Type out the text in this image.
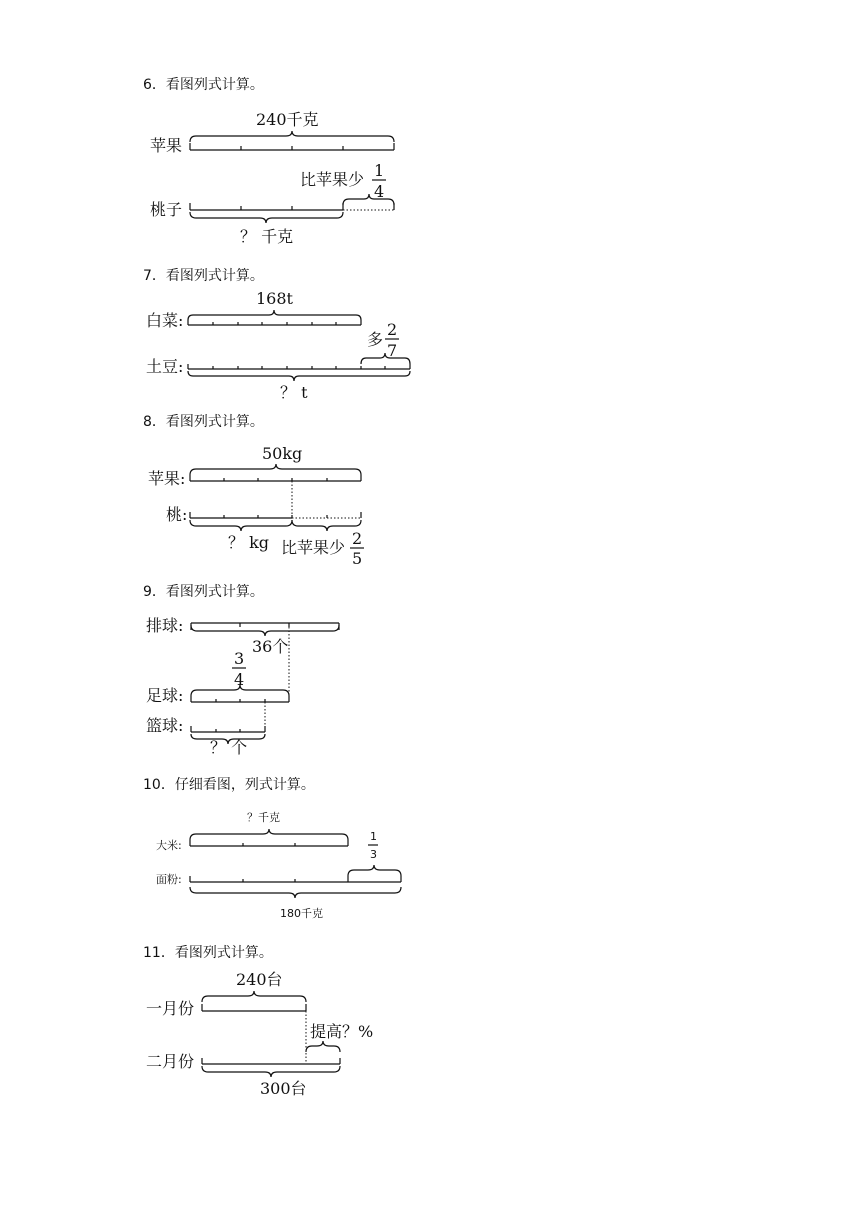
6．看图列式计算。
7．看图列式计算。
8．看图列式计算。
9．看图列式计算。
10．仔细看图，列式计算。
11．看图列式计算。
240千克
苹果
比苹果少 1
4
桃子
？ 千克
168t
白菜:
多
2
7
土豆:
？ t
50kg
苹果:
桃:
？ kg 比苹果少 2
5
排球:
36个
3
4
足球:
篮球:
？ 个
？千克
大米:
1
3
面粉:
180千克
240台
一月份
提高？%
二月份
300台
